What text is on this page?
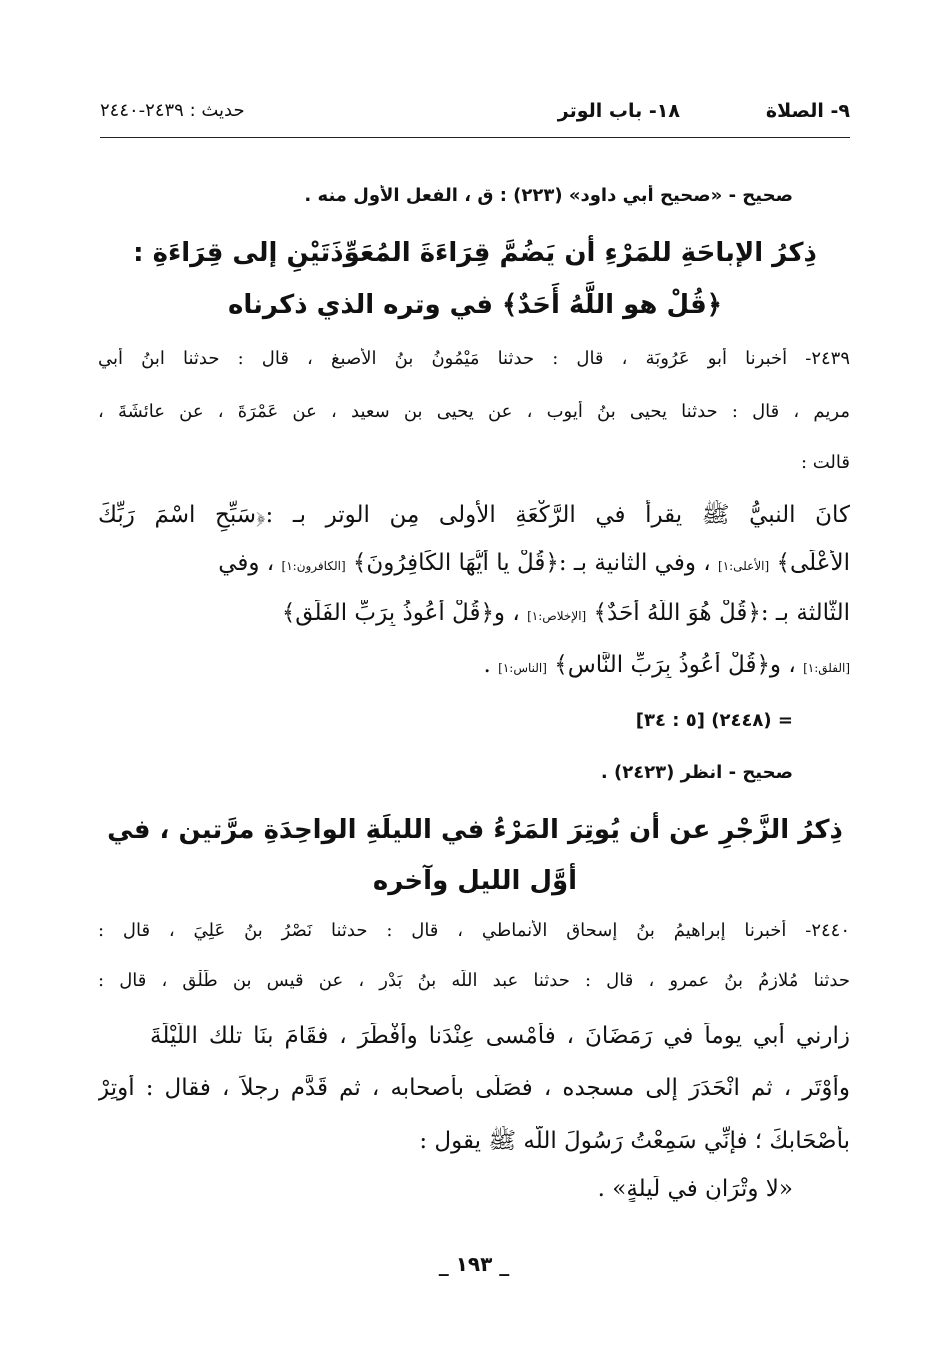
٩- الصلاة
١٨- باب الوتر
حديث : ٢٤٣٩-٢٤٤٠
صحيح - «صحيح أبي داود» (٢٢٣) : ق ، الفعل الأول منه .
ذِكرُ الإباحَةِ للمَرْءِ أن يَضُمَّ قِرَاءَةَ المُعَوِّذَتَيْنِ إلى قِرَاءَةِ :
﴿قُلْ هو اللَّهُ أَحَدٌ﴾ في وتره الذي ذكرناه
٢٤٣٩- أخبرنا أبو عَرُوبَة ، قال : حدثنا مَيْمُونُ بنُ الأصبغ ، قال : حدثنا ابنُ أبي
مريم ، قال : حدثنا يحيى بنُ أيوب ، عن يحيى بن سعيد ، عن عَمْرَةَ ، عن عائشَةَ ،
قالت :
كانَ النبيُّ ﷺ يقرأ في الرَّكْعَةِ الأولى مِن الوتر بـ :﴿سَبِّحِ اسْمَ رَبِّكَ
الأَعْلَى﴾ [الأعلى:١] ، وفي الثانية بـ :﴿قُلْ يا أَيُّهَا الكَافِرُونَ﴾ [الكافرون:١] ، وفي
الثَّالثة بـ :﴿قُلْ هُوَ اللَّهُ أَحَدٌ﴾ [الإخلاص:١] ، و﴿قُلْ أَعُوذُ بِرَبِّ الفَلَقِ﴾
[الفلق:١] ، و﴿قُلْ أَعُوذُ بِرَبِّ النَّاسِ﴾ [الناس:١] .
= (٢٤٤٨) [٥ : ٣٤]
صحيح - انظر (٢٤٢٣) .
ذِكرُ الزَّجْرِ عن أن يُوتِرَ المَرْءُ في الليلَةِ الواحِدَةِ مرَّتين ، في
أوَّل الليل وآخره
٢٤٤٠- أخبرنا إبراهيمُ بنُ إسحاق الأنماطي ، قال : حدثنا نَصْرُ بنُ عَلِيَ ، قال :
حدثنا مُلازمُ بنُ عمرو ، قال : حدثنا عبد اللَّه بنُ بَدْرٍ ، عن قيس بن طَلْق ، قال :
زارني أبي يوماً في رَمَضَانَ ، فأمْسى عِنْدَنا وأفْطَرَ ، فقَامَ بنَا تلك اللَّيْلَةَ
وأَوْتَر ، ثم انْحَدَرَ إلى مسجده ، فصَلَّى بأصحابه ، ثم قَدَّم رجلاً ، فقال : أَوتِرْ
بأصْحَابكَ ؛ فإنِّي سَمِعْتُ رَسُولَ اللَّه ﷺ يقول :
«لا وِتْرَانِ في لَيلةٍ» .
_ ١٩٣ _
